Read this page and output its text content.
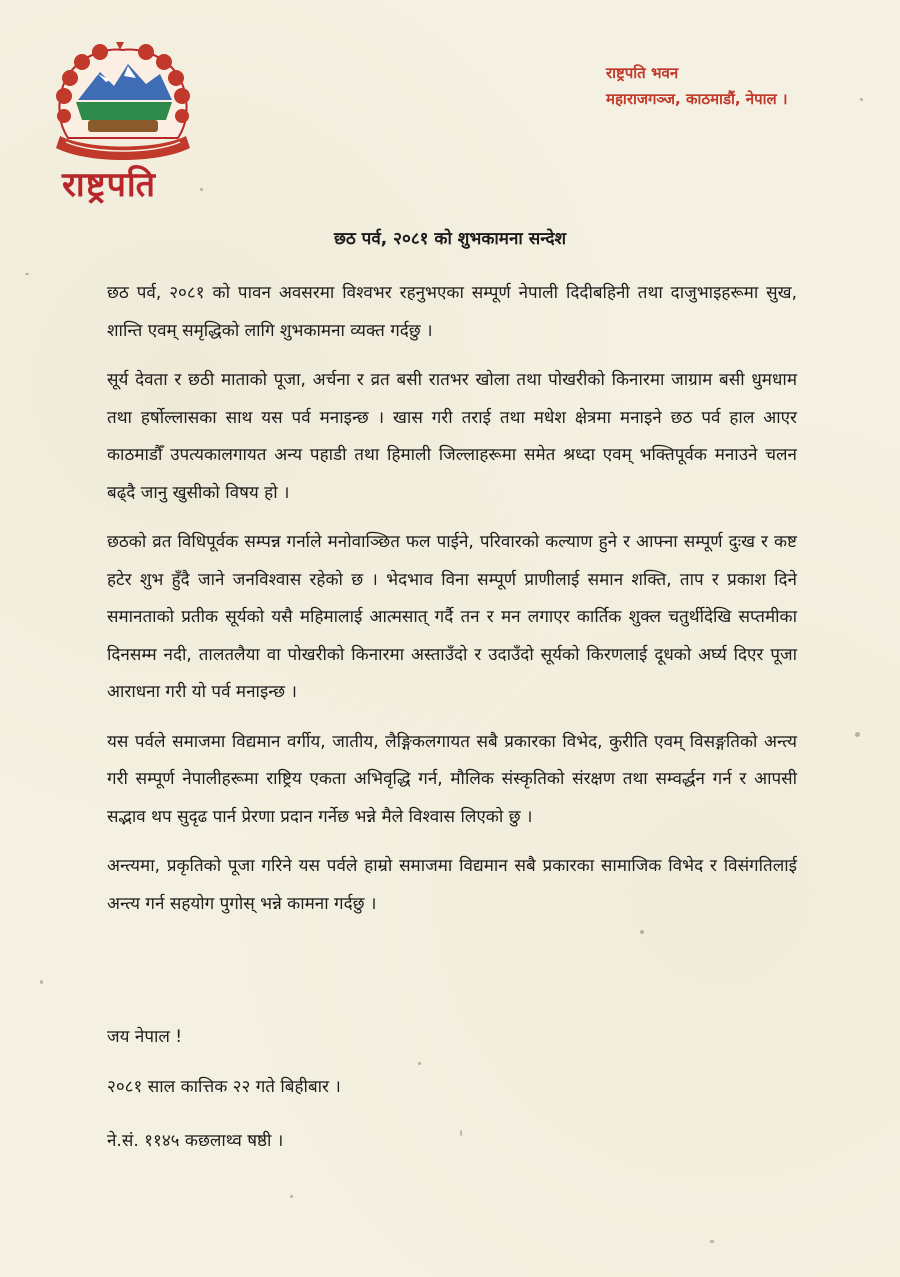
राष्ट्रपति
राष्ट्रपति भवन
महाराजगञ्ज, काठमाडौं, नेपाल ।
छठ पर्व, २०८१ को शुभकामना सन्देश

छठ पर्व, २०८१ को पावन अवसरमा विश्वभर रहनुभएका सम्पूर्ण नेपाली दिदीबहिनी तथा दाजुभाइहरूमा सुख, शान्ति एवम् समृद्धिको लागि शुभकामना व्यक्त गर्दछु ।

सूर्य देवता र छठी माताको पूजा, अर्चना र व्रत बसी रातभर खोला तथा पोखरीको किनारमा जाग्राम बसी धुमधाम तथा हर्षोल्लासका साथ यस पर्व मनाइन्छ । खास गरी तराई तथा मधेश क्षेत्रमा मनाइने छठ पर्व हाल आएर काठमाडौँ उपत्यकालगायत अन्य पहाडी तथा हिमाली जिल्लाहरूमा समेत श्रध्दा एवम् भक्तिपूर्वक मनाउने चलन बढ्दै जानु खुसीको विषय हो ।

छठको व्रत विधिपूर्वक सम्पन्न गर्नाले मनोवाञ्छित फल पाईने, परिवारको कल्याण हुने र आफ्ना सम्पूर्ण दुःख र कष्ट हटेर शुभ हुँदै जाने जनविश्वास रहेको छ । भेदभाव विना सम्पूर्ण प्राणीलाई समान शक्ति, ताप र प्रकाश दिने समानताको प्रतीक सूर्यको यसै महिमालाई आत्मसात् गर्दै तन र मन लगाएर कार्तिक शुक्ल चतुर्थीदेखि सप्तमीका दिनसम्म नदी, तालतलैया वा पोखरीको किनारमा अस्ताउँदो र उदाउँदो सूर्यको किरणलाई दूधको अर्घ्य दिएर पूजा आराधना गरी यो पर्व मनाइन्छ ।

यस पर्वले समाजमा विद्यमान वर्गीय, जातीय, लैङ्गिकलगायत सबै प्रकारका विभेद, कुरीति एवम् विसङ्गतिको अन्त्य गरी सम्पूर्ण नेपालीहरूमा राष्ट्रिय एकता अभिवृद्धि गर्न, मौलिक संस्कृतिको संरक्षण तथा सम्वर्द्धन गर्न र आपसी सद्भाव थप सुदृढ पार्न प्रेरणा प्रदान गर्नेछ भन्ने मैले विश्वास लिएको छु ।

अन्त्यमा, प्रकृतिको पूजा गरिने यस पर्वले हाम्रो समाजमा विद्यमान सबै प्रकारका सामाजिक विभेद र विसंगतिलाई अन्त्य गर्न सहयोग पुगोस् भन्ने कामना गर्दछु ।

जय नेपाल !
२०८१ साल कात्तिक २२ गते बिहीबार ।
ने.सं. ११४५ कछलाथ्व षष्ठी ।
